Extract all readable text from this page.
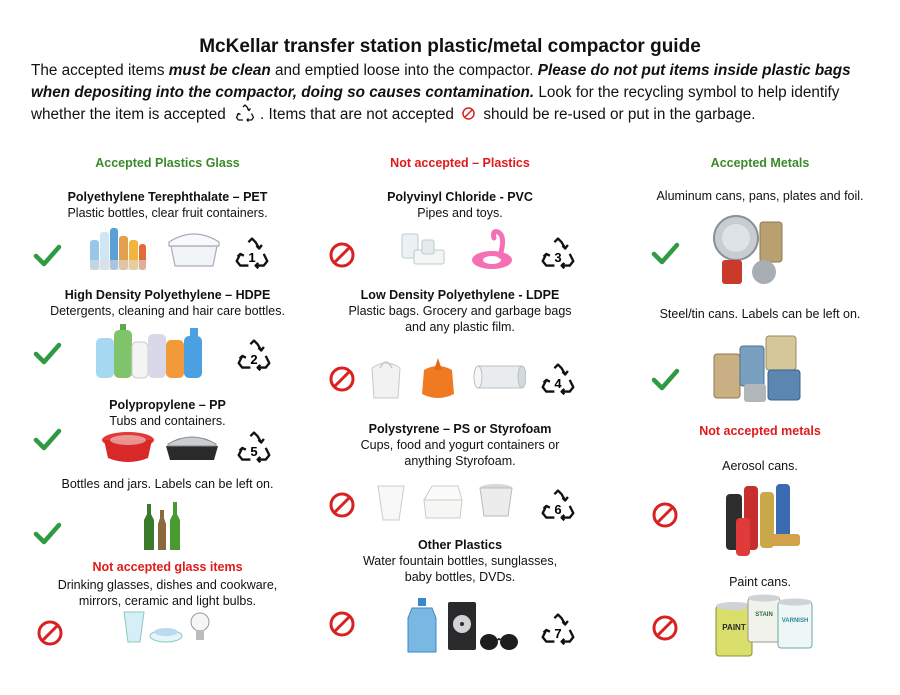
McKellar transfer station plastic/metal compactor guide
The accepted items must be clean and emptied loose into the compactor. Please do not put items inside plastic bags when depositing into the compactor, doing so causes contamination. Look for the recycling symbol to help identify whether the item is accepted
. Items that are not accepted
should be re-used or put in the garbage.
Accepted Plastics Glass
Polyethylene Terephthalate – PET
Plastic bottles, clear fruit containers.
1
High Density Polyethylene – HDPE
Detergents, cleaning and hair care bottles.
2
Polypropylene – PP
Tubs and containers.
5
Bottles and jars. Labels can be left on.
Not accepted glass items
Drinking glasses, dishes and cookware,
mirrors, ceramic and light bulbs.
Not accepted – Plastics
Polyvinyl Chloride - PVC
Pipes and toys.
3
Low Density Polyethylene - LDPE
Plastic bags. Grocery and garbage bags
and any plastic film.
4
Polystyrene – PS or Styrofoam
Cups, food and yogurt containers or
anything Styrofoam.
6
Other Plastics
Water fountain bottles, sunglasses,
baby bottles, DVDs.
7
Accepted Metals
Aluminum cans, pans, plates and foil.
Steel/tin cans. Labels can be left on.
Not accepted metals
Aerosol cans.
Paint cans.
PAINT
STAIN
VARNISH
